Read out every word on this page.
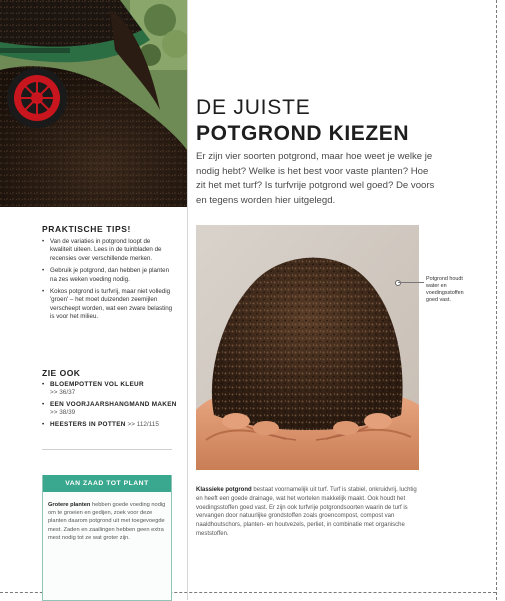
PRAKTISCHE TIPS!
• Van de variaties in potgrond loopt de kwaliteit uiteen. Lees in de tuinbladen de recensies over verschillende merken.
• Gebruik je potgrond, dan hebben je planten na zes weken voeding nodig.
• Kokos potgrond is turfvrij, maar niet volledig 'groen' – het moet duizenden zeemijlen verscheept worden, wat een zware belasting is voor het milieu.
ZIE OOK
• BLOEMPOTTEN VOL KLEUR
>> 36/37
• EEN VOORJAARSHANGMAND MAKEN >> 38/39
• HEESTERS IN POTTEN >> 112/115
VAN ZAAD TOT PLANT
Grotere planten hebben goede voeding nodig om te groeien en gedijen, zoek voor deze planten daarom potgrond uit met toegevoegde mest. Zaden en zaailingen hebben geen extra mest nodig tot ze wat groter zijn.
DE JUISTE
POTGROND KIEZEN
Er zijn vier soorten potgrond, maar hoe weet je welke je nodig hebt? Welke is het best voor vaste planten? Hoe zit het met turf? Is turfvrije potgrond wel goed? De voors en tegens worden hier uitgelegd.
Potgrond houdt water en voedingsstoffen goed vast.
Klassieke potgrond bestaat voornamelijk uit turf. Turf is stabiel, onkruidvrij, luchtig en heeft een goede drainage, wat het wortelen makkelijk maakt. Ook houdt het voedingsstoffen goed vast. Er zijn ook turfvrije potgrondsoorten waarin de turf is vervangen door natuurlijke grondstoffen zoals groencompost, compost van naaldhoutschors, planten- en houtvezels, perliet, in combinatie met organische meststoffen.
